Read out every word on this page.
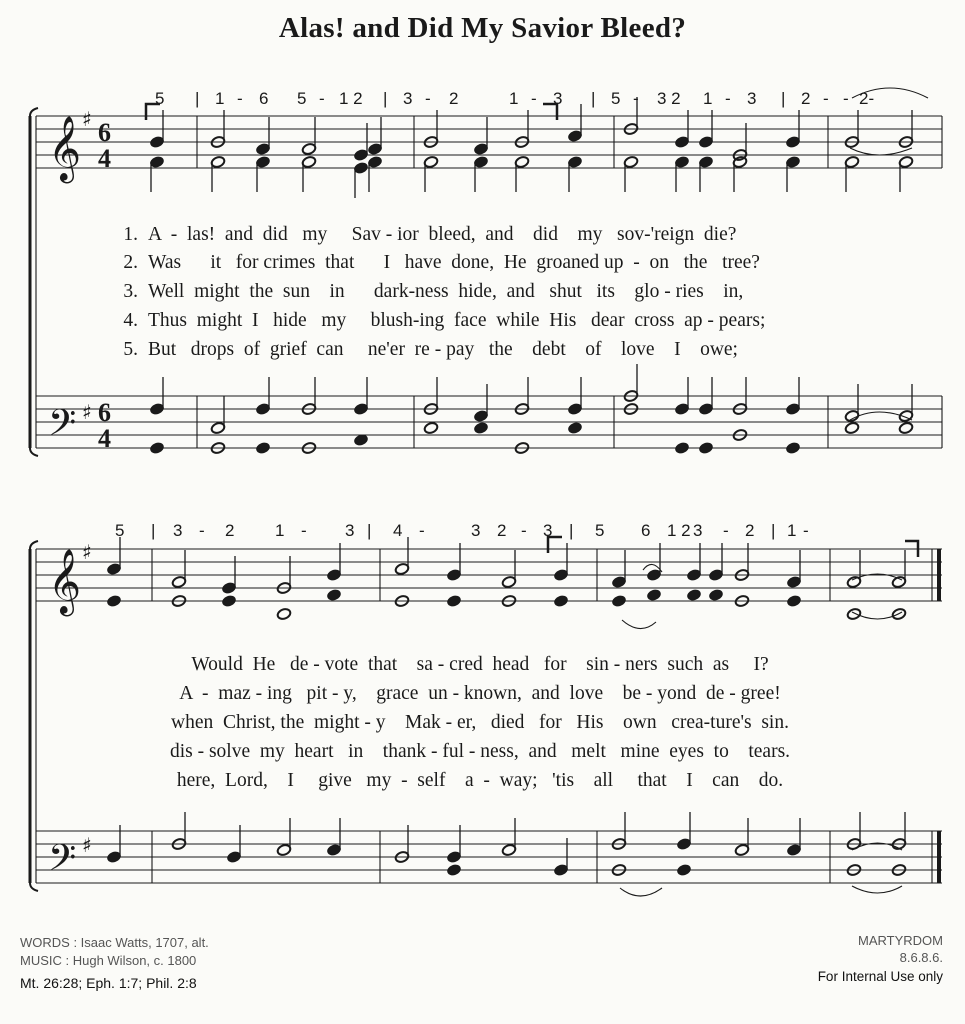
Alas! and Did My Savior Bleed?
5	| 1 - 6	5 - 1 2	| 3 -	2	1 - 3	| 5 -	3 2	1 - 3	| 2 - - 2-
5	|	3 -	2	1 -	3 |	4 -	3 2 - 3 |	5	6 1 2 3	- 2 | 1 -
𝄞
𝄢
𝄞
𝄢
♯
♯
♯
♯
6
4
6
4
1. A  -  las!  and  did   my     Sav - ior  bleed,  and    did    my   sov-'reign  die?
2. Was      it   for crimes  that      I   have  done,  He  groaned up  -  on   the   tree?
3. Well  might  the  sun    in      dark-ness  hide,  and   shut   its    glo - ries    in,
4. Thus  might  I   hide   my     blush-ing  face  while  His   dear  cross  ap - pears;
5. But   drops  of  grief  can     ne'er  re - pay   the    debt    of    love    I    owe;
Would  He   de - vote  that    sa - cred  head   for    sin - ners  such  as     I?
A  -  maz - ing   pit - y,    grace  un - known,  and  love    be - yond  de - gree!
when  Christ, the  might - y    Mak - er,   died   for   His    own   crea-ture's  sin.
dis - solve  my  heart   in    thank - ful - ness,  and   melt   mine  eyes  to    tears.
here,  Lord,    I     give   my  -  self    a  -  way;   'tis    all     that    I    can    do.
WORDS : Isaac Watts, 1707, alt.
MUSIC : Hugh Wilson, c. 1800
Mt. 26:28; Eph. 1:7; Phil. 2:8
MARTYRDOM
8.6.8.6.
For Internal Use only
